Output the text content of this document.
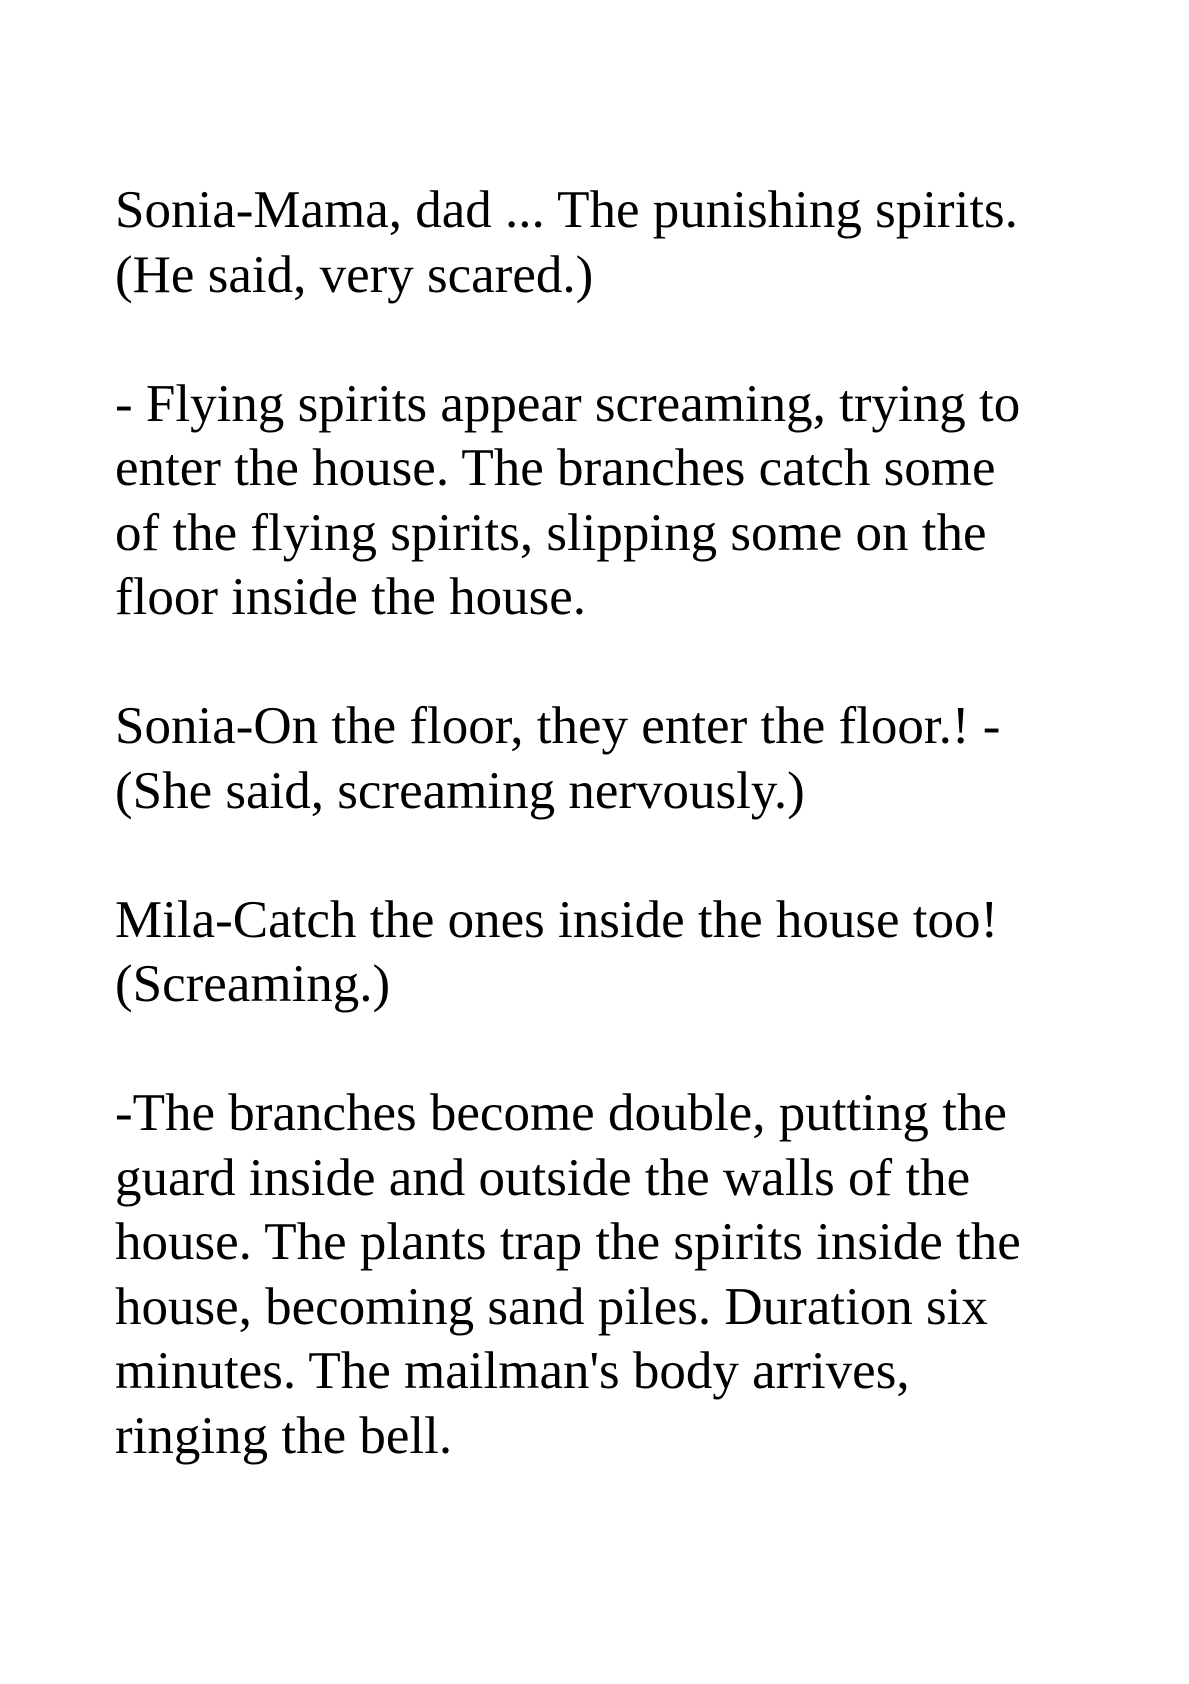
Sonia-Mama, dad ... The punishing spirits.
(He said, very scared.)

- Flying spirits appear screaming, trying to
enter the house. The branches catch some
of the flying spirits, slipping some on the
floor inside the house.

Sonia-On the floor, they enter the floor.! -
(She said, screaming nervously.)

Mila-Catch the ones inside the house too!
(Screaming.)

-The branches become double, putting the
guard inside and outside the walls of the
house. The plants trap the spirits inside the
house, becoming sand piles. Duration six
minutes. The mailman's body arrives,
ringing the bell.
